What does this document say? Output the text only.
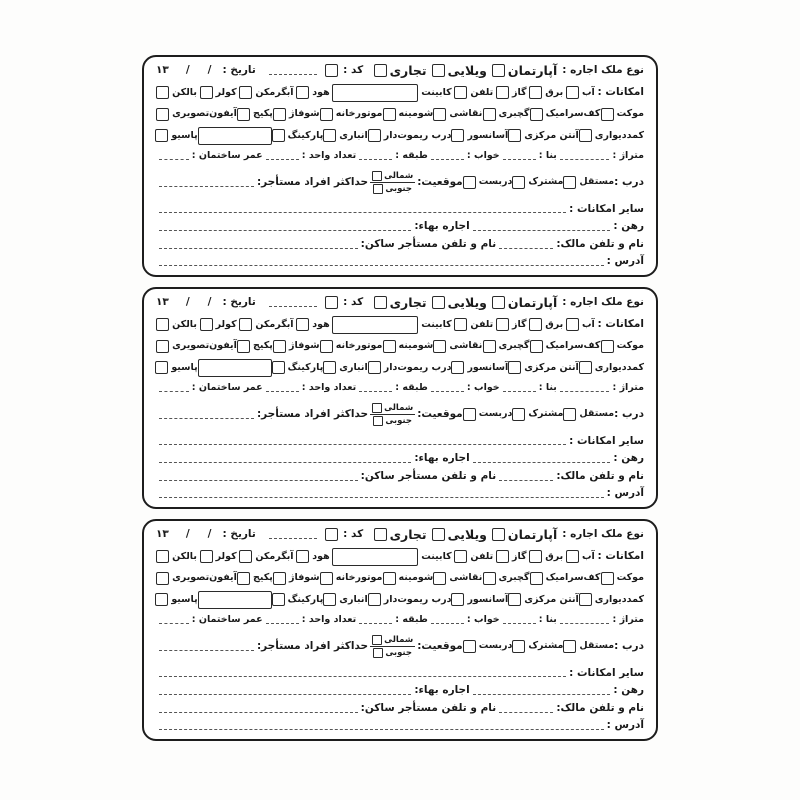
نوع ملک اجاره :
آپارتمان
ویلایی
تجاری
کد :
تاریخ :
/
/
۱۳
امکانات :
آب
برق
گاز
تلفن
کابینت
هود
آبگرمکن
کولر
بالکن
موکت
کف‌سرامیک
گچبری
نقاشی
شومینه
موتورخانه
شوفاژ
پکیج
آیفون‌تصویری
کمددیواری
آنتن مرکزی
آسانسور
درب ریموت‌دار
انباری
پارکینگ
پاسیو
متراژ :
بنا :
خواب :
طبقه :
تعداد واحد :
عمر ساختمان :
درب :
مستقل
مشترک
دربست
موقعیت:
شمالی
جنوبی
حداکثر افراد مستأجر:
سایر امکانات :
رهن :
اجاره بهاء:
نام و تلفن مالک:
نام و تلفن مستأجر ساکن:
آدرس :
نوع ملک اجاره :
آپارتمان
ویلایی
تجاری
کد :
تاریخ :
/
/
۱۳
امکانات :
آب
برق
گاز
تلفن
کابینت
هود
آبگرمکن
کولر
بالکن
موکت
کف‌سرامیک
گچبری
نقاشی
شومینه
موتورخانه
شوفاژ
پکیج
آیفون‌تصویری
کمددیواری
آنتن مرکزی
آسانسور
درب ریموت‌دار
انباری
پارکینگ
پاسیو
متراژ :
بنا :
خواب :
طبقه :
تعداد واحد :
عمر ساختمان :
درب :
مستقل
مشترک
دربست
موقعیت:
شمالی
جنوبی
حداکثر افراد مستأجر:
سایر امکانات :
رهن :
اجاره بهاء:
نام و تلفن مالک:
نام و تلفن مستأجر ساکن:
آدرس :
نوع ملک اجاره :
آپارتمان
ویلایی
تجاری
کد :
تاریخ :
/
/
۱۳
امکانات :
آب
برق
گاز
تلفن
کابینت
هود
آبگرمکن
کولر
بالکن
موکت
کف‌سرامیک
گچبری
نقاشی
شومینه
موتورخانه
شوفاژ
پکیج
آیفون‌تصویری
کمددیواری
آنتن مرکزی
آسانسور
درب ریموت‌دار
انباری
پارکینگ
پاسیو
متراژ :
بنا :
خواب :
طبقه :
تعداد واحد :
عمر ساختمان :
درب :
مستقل
مشترک
دربست
موقعیت:
شمالی
جنوبی
حداکثر افراد مستأجر:
سایر امکانات :
رهن :
اجاره بهاء:
نام و تلفن مالک:
نام و تلفن مستأجر ساکن:
آدرس :
